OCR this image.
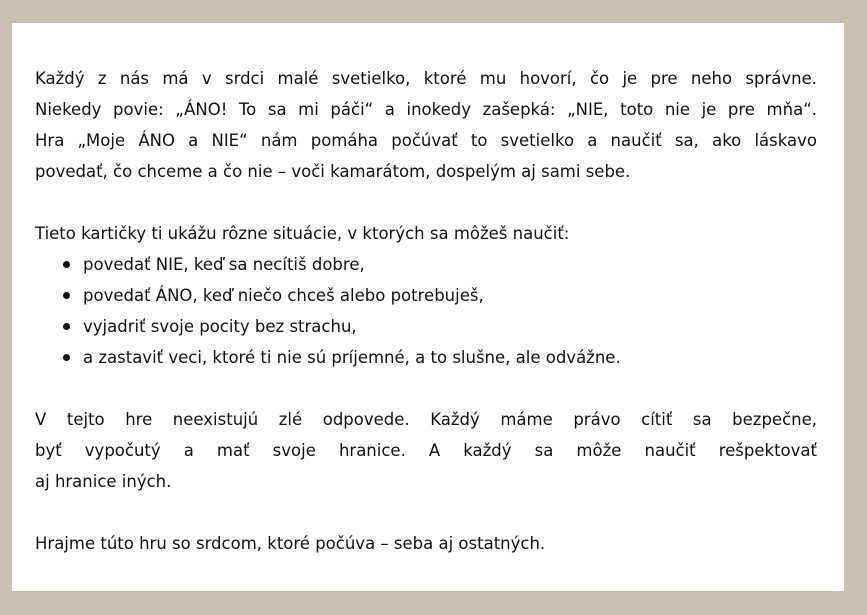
Každý z nás má v srdci malé svetielko, ktoré mu hovorí, čo je pre neho správne.

Niekedy povie: „ÁNO! To sa mi páči“ a inokedy zašepká: „NIE, toto nie je pre mňa“.

Hra „Moje ÁNO a NIE“ nám pomáha počúvať to svetielko a naučiť sa, ako láskavo

povedať, čo chceme a čo nie – voči kamarátom, dospelým aj sami sebe.

Tieto kartičky ti ukážu rôzne situácie, v ktorých sa môžeš naučiť:

povedať NIE, keď sa necítiš dobre,
povedať ÁNO, keď niečo chceš alebo potrebuješ,
vyjadriť svoje pocity bez strachu,
a zastaviť veci, ktoré ti nie sú príjemné, a to slušne, ale odvážne.

V tejto hre neexistujú zlé odpovede. Každý máme právo cítiť sa bezpečne,

byť vypočutý a mať svoje hranice. A každý sa môže naučiť rešpektovať

aj hranice iných.

Hrajme túto hru so srdcom, ktoré počúva – seba aj ostatných.
